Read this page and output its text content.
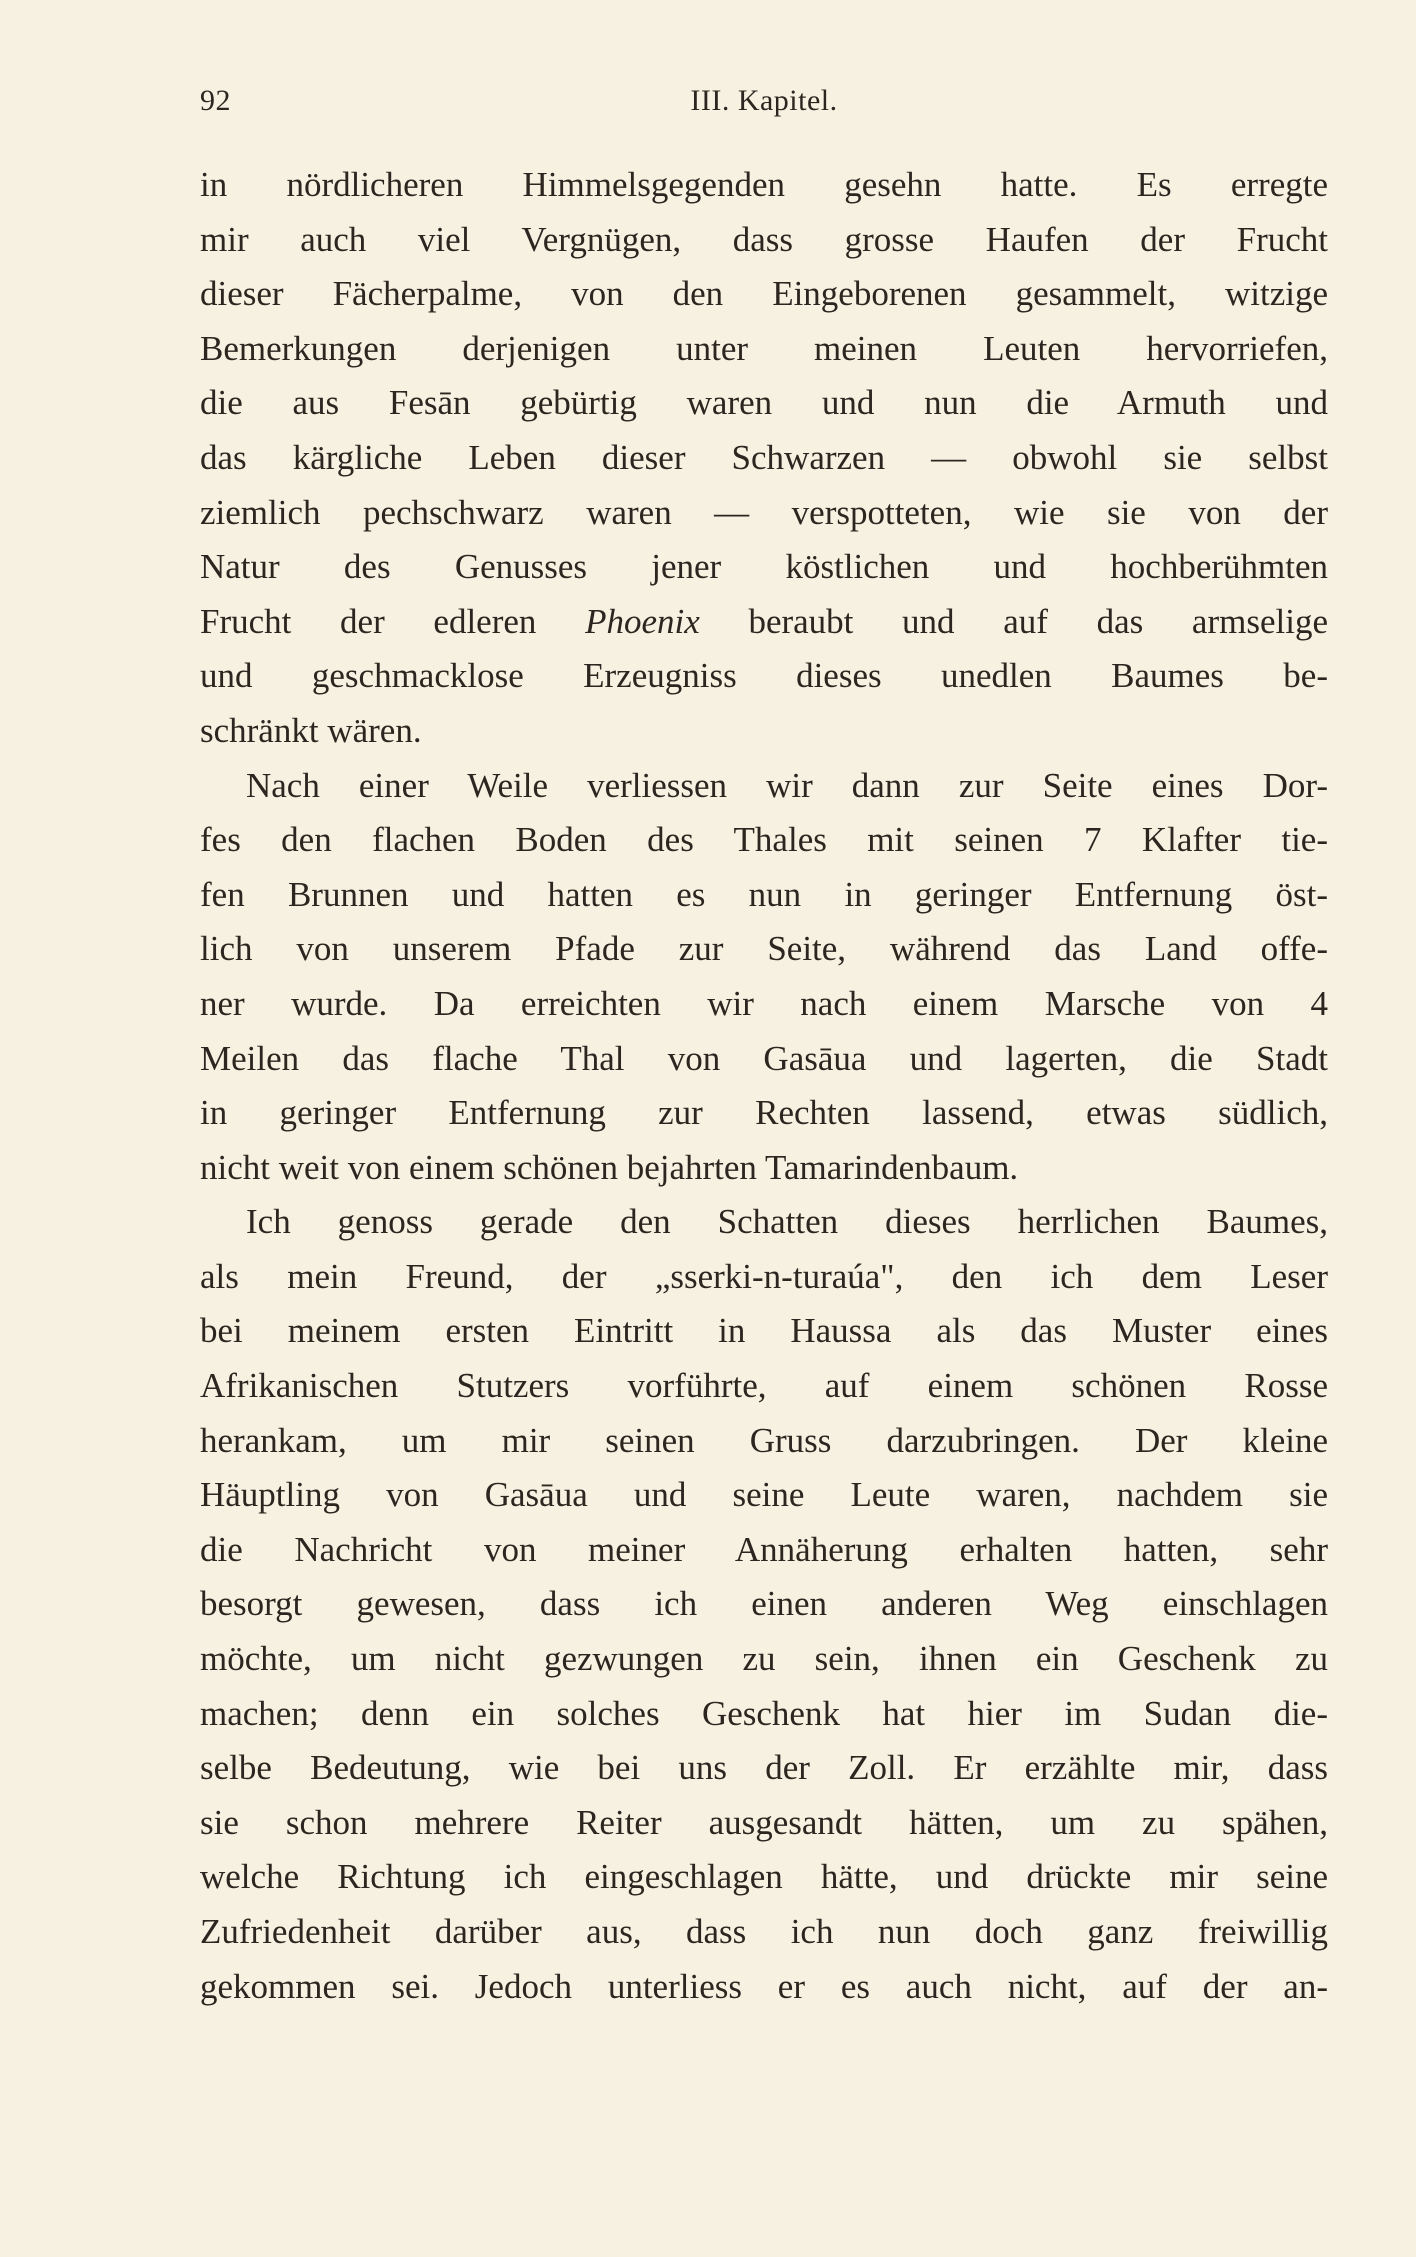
92	III. Kapitel.
in nördlicheren Himmelsgegenden gesehn hatte. Es erregte
mir auch viel Vergnügen, dass grosse Haufen der Frucht
dieser Fächerpalme, von den Eingeborenen gesammelt, witzige
Bemerkungen derjenigen unter meinen Leuten hervorriefen,
die aus Fesān gebürtig waren und nun die Armuth und
das kärgliche Leben dieser Schwarzen — obwohl sie selbst
ziemlich pechschwarz waren — verspotteten, wie sie von der
Natur des Genusses jener köstlichen und hochberühmten
Frucht der edleren Phoenix beraubt und auf das armselige
und geschmacklose Erzeugniss dieses unedlen Baumes be-
schränkt wären.
Nach einer Weile verliessen wir dann zur Seite eines Dor-
fes den flachen Boden des Thales mit seinen 7 Klafter tie-
fen Brunnen und hatten es nun in geringer Entfernung öst-
lich von unserem Pfade zur Seite, während das Land offe-
ner wurde. Da erreichten wir nach einem Marsche von 4
Meilen das flache Thal von Gasāua und lagerten, die Stadt
in geringer Entfernung zur Rechten lassend, etwas südlich,
nicht weit von einem schönen bejahrten Tamarindenbaum.
Ich genoss gerade den Schatten dieses herrlichen Baumes,
als mein Freund, der „sserki-n-turaúa", den ich dem Leser
bei meinem ersten Eintritt in Haussa als das Muster eines
Afrikanischen Stutzers vorführte, auf einem schönen Rosse
herankam, um mir seinen Gruss darzubringen. Der kleine
Häuptling von Gasāua und seine Leute waren, nachdem sie
die Nachricht von meiner Annäherung erhalten hatten, sehr
besorgt gewesen, dass ich einen anderen Weg einschlagen
möchte, um nicht gezwungen zu sein, ihnen ein Geschenk zu
machen; denn ein solches Geschenk hat hier im Sudan die-
selbe Bedeutung, wie bei uns der Zoll. Er erzählte mir, dass
sie schon mehrere Reiter ausgesandt hätten, um zu spähen,
welche Richtung ich eingeschlagen hätte, und drückte mir seine
Zufriedenheit darüber aus, dass ich nun doch ganz freiwillig
gekommen sei. Jedoch unterliess er es auch nicht, auf der an-
